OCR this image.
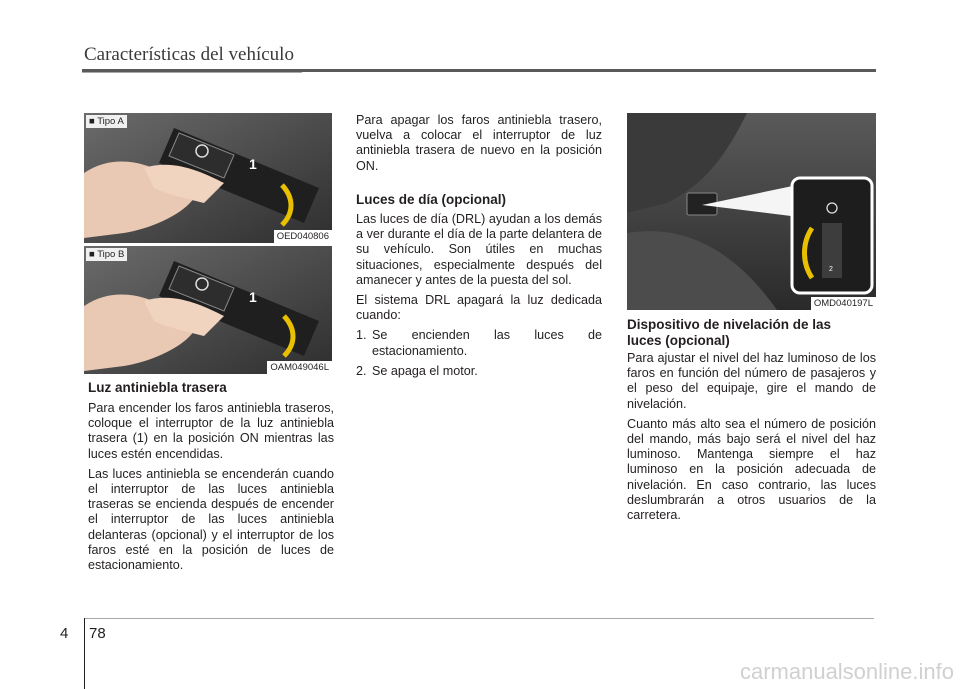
Características del vehículo
1
■ Tipo A
OED040806
1
■ Tipo B
OAM049046L
Luz antiniebla trasera

Para encender los faros antiniebla traseros, coloque el interruptor de la luz antiniebla trasera (1) en la posición ON mientras las luces estén encendidas.

Las luces antiniebla se encenderán cuando el interruptor de las luces antiniebla traseras se encienda después de encender el interruptor de las luces antiniebla delanteras (opcional) y el interruptor de los faros esté en la posición de luces de estacionamiento.

Para apagar los faros antiniebla trasero, vuelva a colocar el interruptor de luz antiniebla trasera de nuevo en la posición ON.

Luces de día (opcional)

Las luces de día (DRL) ayudan a los demás a ver durante el día de la parte delantera de su vehículo. Son útiles en muchas situaciones, especialmente después del amanecer y antes de la puesta del sol.

El sistema DRL apagará la luz dedicada cuando:

1. Se encienden las luces de estacionamiento.
2. Se apaga el motor.
2
OMD040197L
Dispositivo de nivelación de las
luces (opcional)

Para ajustar el nivel del haz luminoso de los faros en función del número de pasajeros y el peso del equipaje, gire el mando de nivelación.

Cuanto más alto sea el número de posición del mando, más bajo será el nivel del haz luminoso. Mantenga siempre el haz luminoso en la posición adecuada de nivelación. En caso contrario, las luces deslumbrarán a otros usuarios de la carretera.

4 78
carmanualsonline.info
